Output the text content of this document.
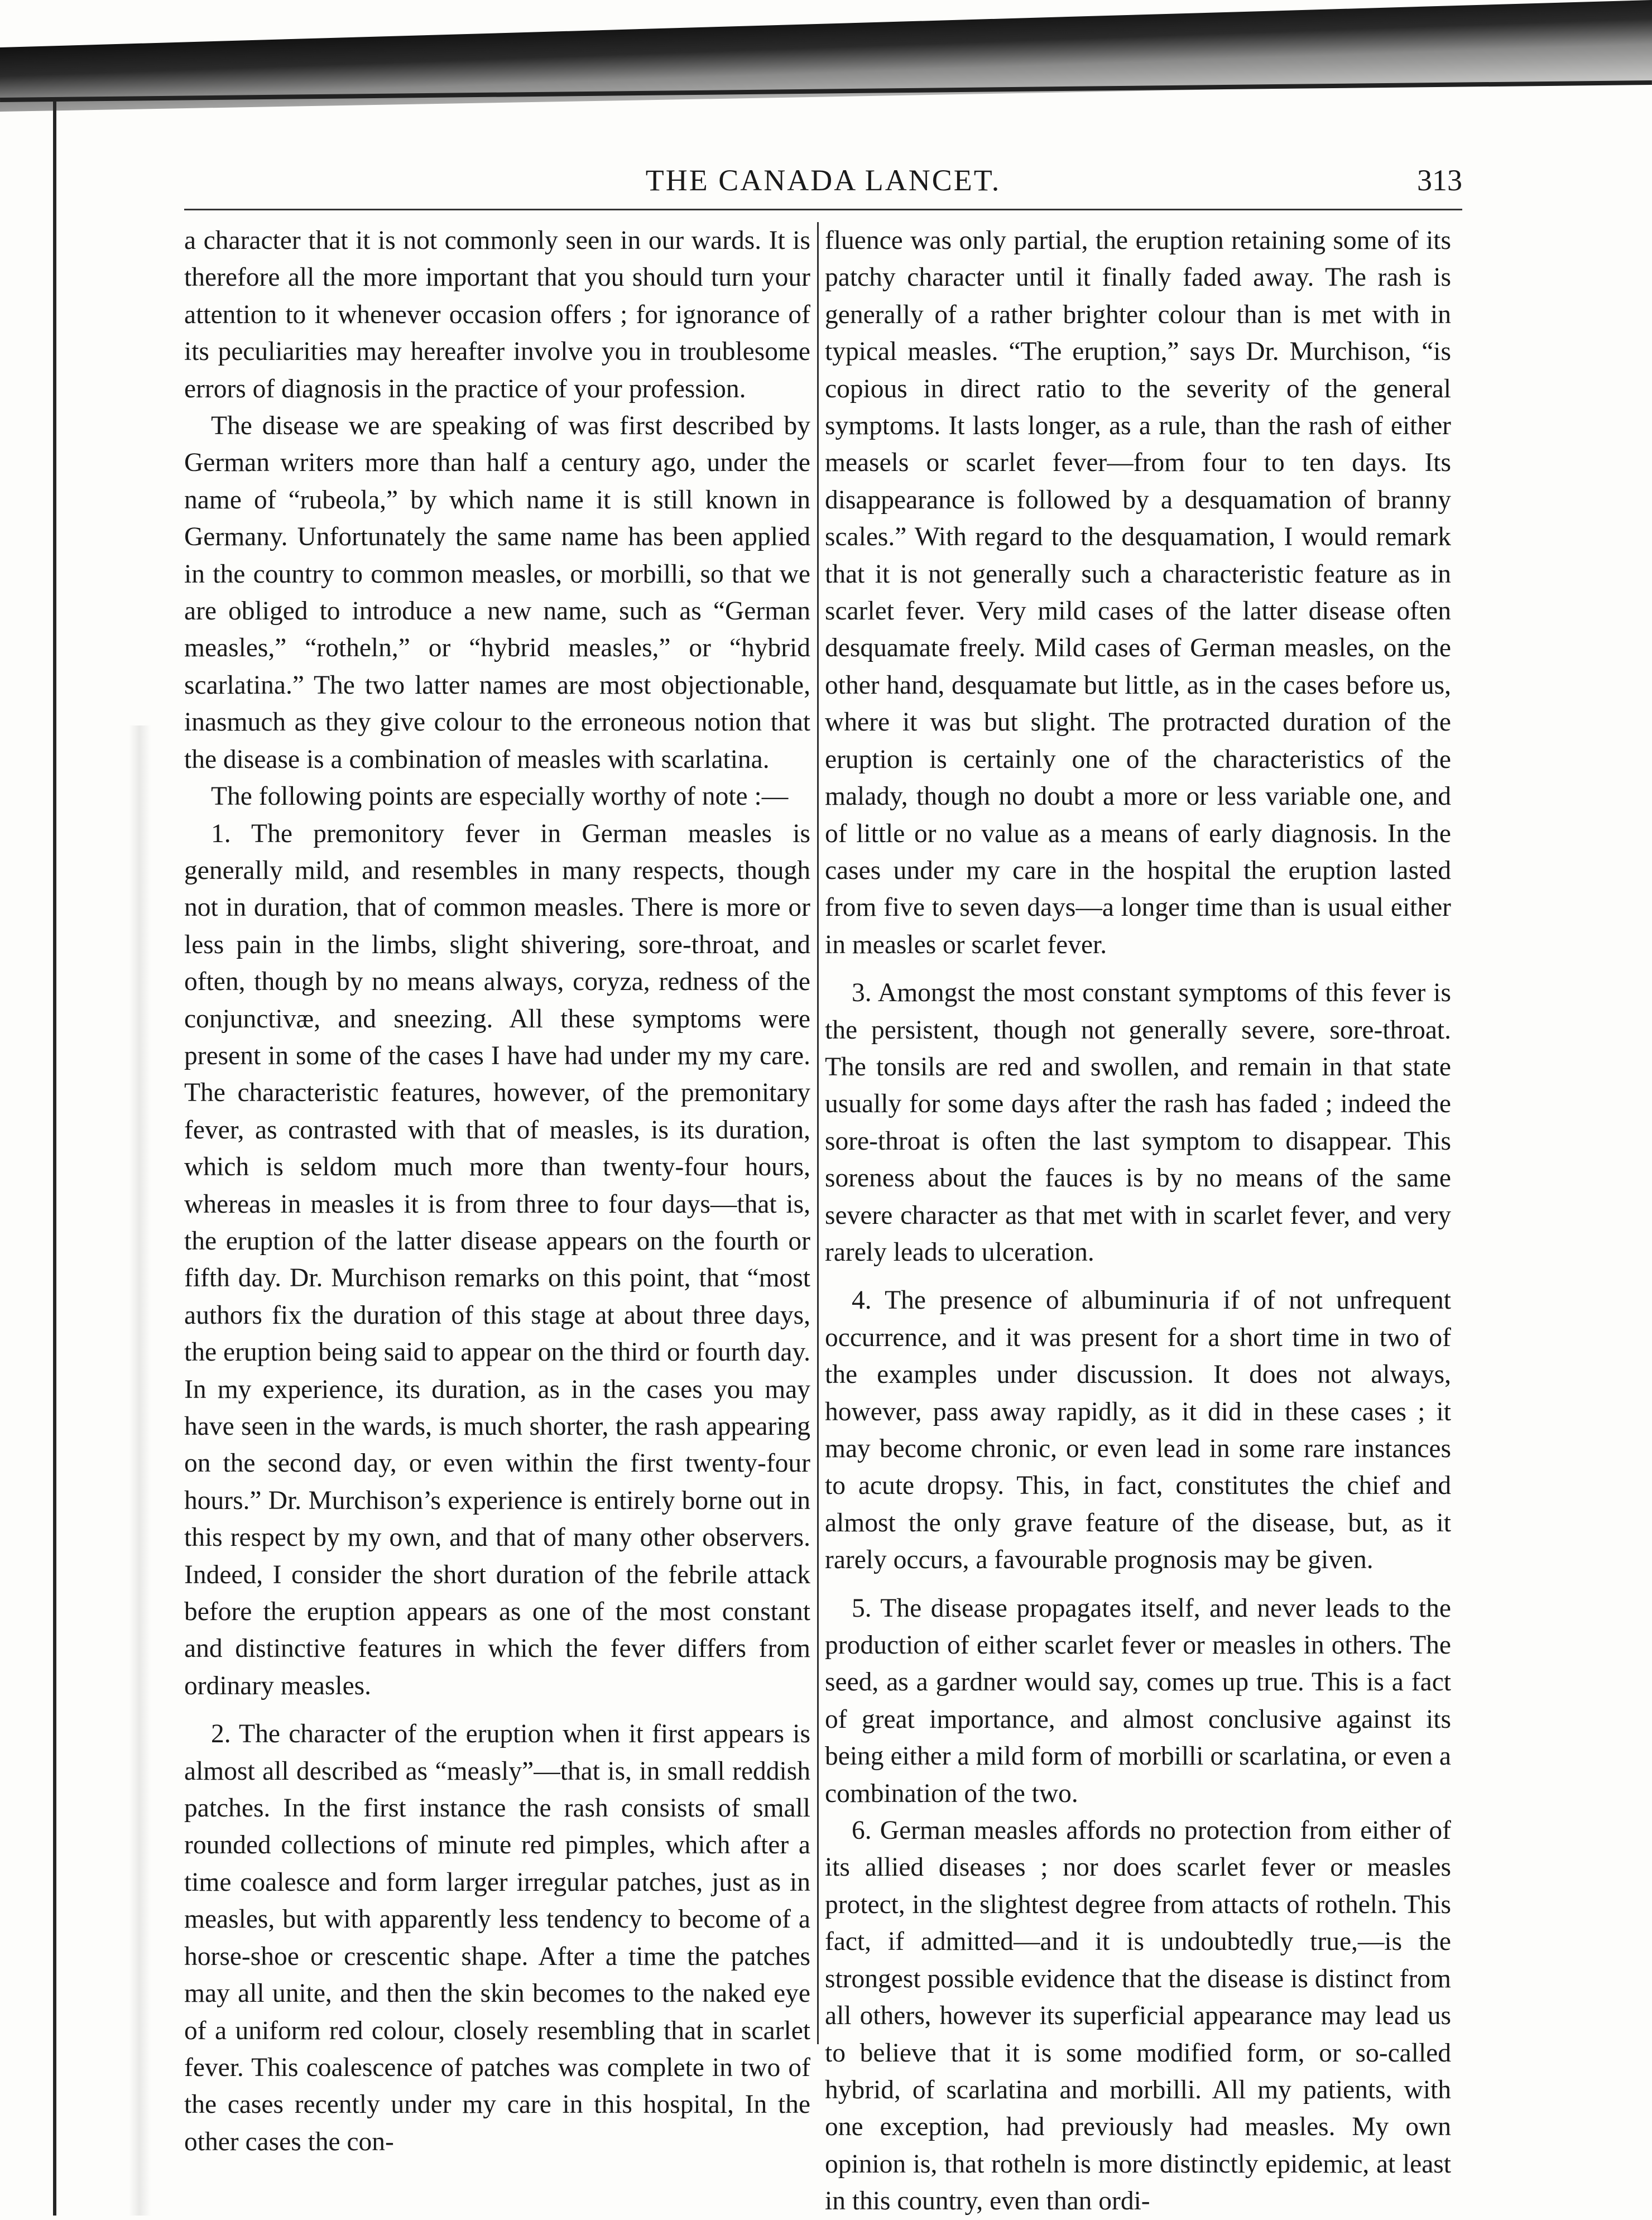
THE CANADA LANCET.	313

a character that it is not commonly seen in our wards. It is therefore all the more important that you should turn your attention to it whenever occasion offers ; for ignorance of its peculiarities may hereafter involve you in troublesome errors of diagnosis in the practice of your profession.

The disease we are speaking of was first described by German writers more than half a century ago, under the name of “rubeola,” by which name it is still known in Germany. Unfortunately the same name has been applied in the country to common measles, or morbilli, so that we are obliged to introduce a new name, such as “German measles,” “rotheln,” or “hybrid measles,” or “hybrid scarlatina.” The two latter names are most objectionable, inasmuch as they give colour to the erroneous notion that the disease is a combination of measles with scarlatina.

The following points are especially worthy of note :—

1. The premonitory fever in German measles is generally mild, and resembles in many respects, though not in duration, that of common measles. There is more or less pain in the limbs, slight shivering, sore-throat, and often, though by no means always, coryza, redness of the conjunctivæ, and sneezing. All these symptoms were present in some of the cases I have had under my my care. The characteristic features, however, of the premonitary fever, as contrasted with that of measles, is its duration, which is seldom much more than twenty-four hours, whereas in measles it is from three to four days—that is, the eruption of the latter disease appears on the fourth or fifth day. Dr. Murchison remarks on this point, that “most authors fix the duration of this stage at about three days, the eruption being said to appear on the third or fourth day. In my experience, its duration, as in the cases you may have seen in the wards, is much shorter, the rash appearing on the second day, or even within the first twenty-four hours.” Dr. Murchison’s experience is entirely borne out in this respect by my own, and that of many other observers. Indeed, I consider the short duration of the febrile attack before the eruption appears as one of the most constant and distinctive features in which the fever differs from ordinary measles.

2. The character of the eruption when it first appears is almost all described as “measly”—that is, in small reddish patches. In the first instance the rash consists of small rounded collections of minute red pimples, which after a time coalesce and form larger irregular patches, just as in measles, but with apparently less tendency to become of a horse-shoe or crescentic shape. After a time the patches may all unite, and then the skin becomes to the naked eye of a uniform red colour, closely resembling that in scarlet fever. This coalescence of patches was complete in two of the cases recently under my care in this hospital, In the other cases the con-

fluence was only partial, the eruption retaining some of its patchy character until it finally faded away. The rash is generally of a rather brighter colour than is met with in typical measles. “The eruption,” says Dr. Murchison, “is copious in direct ratio to the severity of the general symptoms. It lasts longer, as a rule, than the rash of either measels or scarlet fever—from four to ten days. Its disappearance is followed by a desquamation of branny scales.” With regard to the desquamation, I would remark that it is not generally such a characteristic feature as in scarlet fever. Very mild cases of the latter disease often desquamate freely. Mild cases of German measles, on the other hand, desquamate but little, as in the cases before us, where it was but slight. The protracted duration of the eruption is certainly one of the characteristics of the malady, though no doubt a more or less variable one, and of little or no value as a means of early diagnosis. In the cases under my care in the hospital the eruption lasted from five to seven days—a longer time than is usual either in measles or scarlet fever.

3. Amongst the most constant symptoms of this fever is the persistent, though not generally severe, sore-throat. The tonsils are red and swollen, and remain in that state usually for some days after the rash has faded ; indeed the sore-throat is often the last symptom to disappear. This soreness about the fauces is by no means of the same severe character as that met with in scarlet fever, and very rarely leads to ulceration.

4. The presence of albuminuria if of not unfrequent occurrence, and it was present for a short time in two of the examples under discussion. It does not always, however, pass away rapidly, as it did in these cases ; it may become chronic, or even lead in some rare instances to acute dropsy. This, in fact, constitutes the chief and almost the only grave feature of the disease, but, as it rarely occurs, a favourable prognosis may be given.

5. The disease propagates itself, and never leads to the production of either scarlet fever or measles in others. The seed, as a gardner would say, comes up true. This is a fact of great importance, and almost conclusive against its being either a mild form of morbilli or scarlatina, or even a combination of the two.

6. German measles affords no protection from either of its allied diseases ; nor does scarlet fever or measles protect, in the slightest degree from attacts of rotheln. This fact, if admitted—and it is undoubtedly true,—is the strongest possible evidence that the disease is distinct from all others, however its superficial appearance may lead us to believe that it is some modified form, or so-called hybrid, of scarlatina and morbilli. All my patients, with one exception, had previously had measles. My own opinion is, that rotheln is more distinctly epidemic, at least in this country, even than ordi-
